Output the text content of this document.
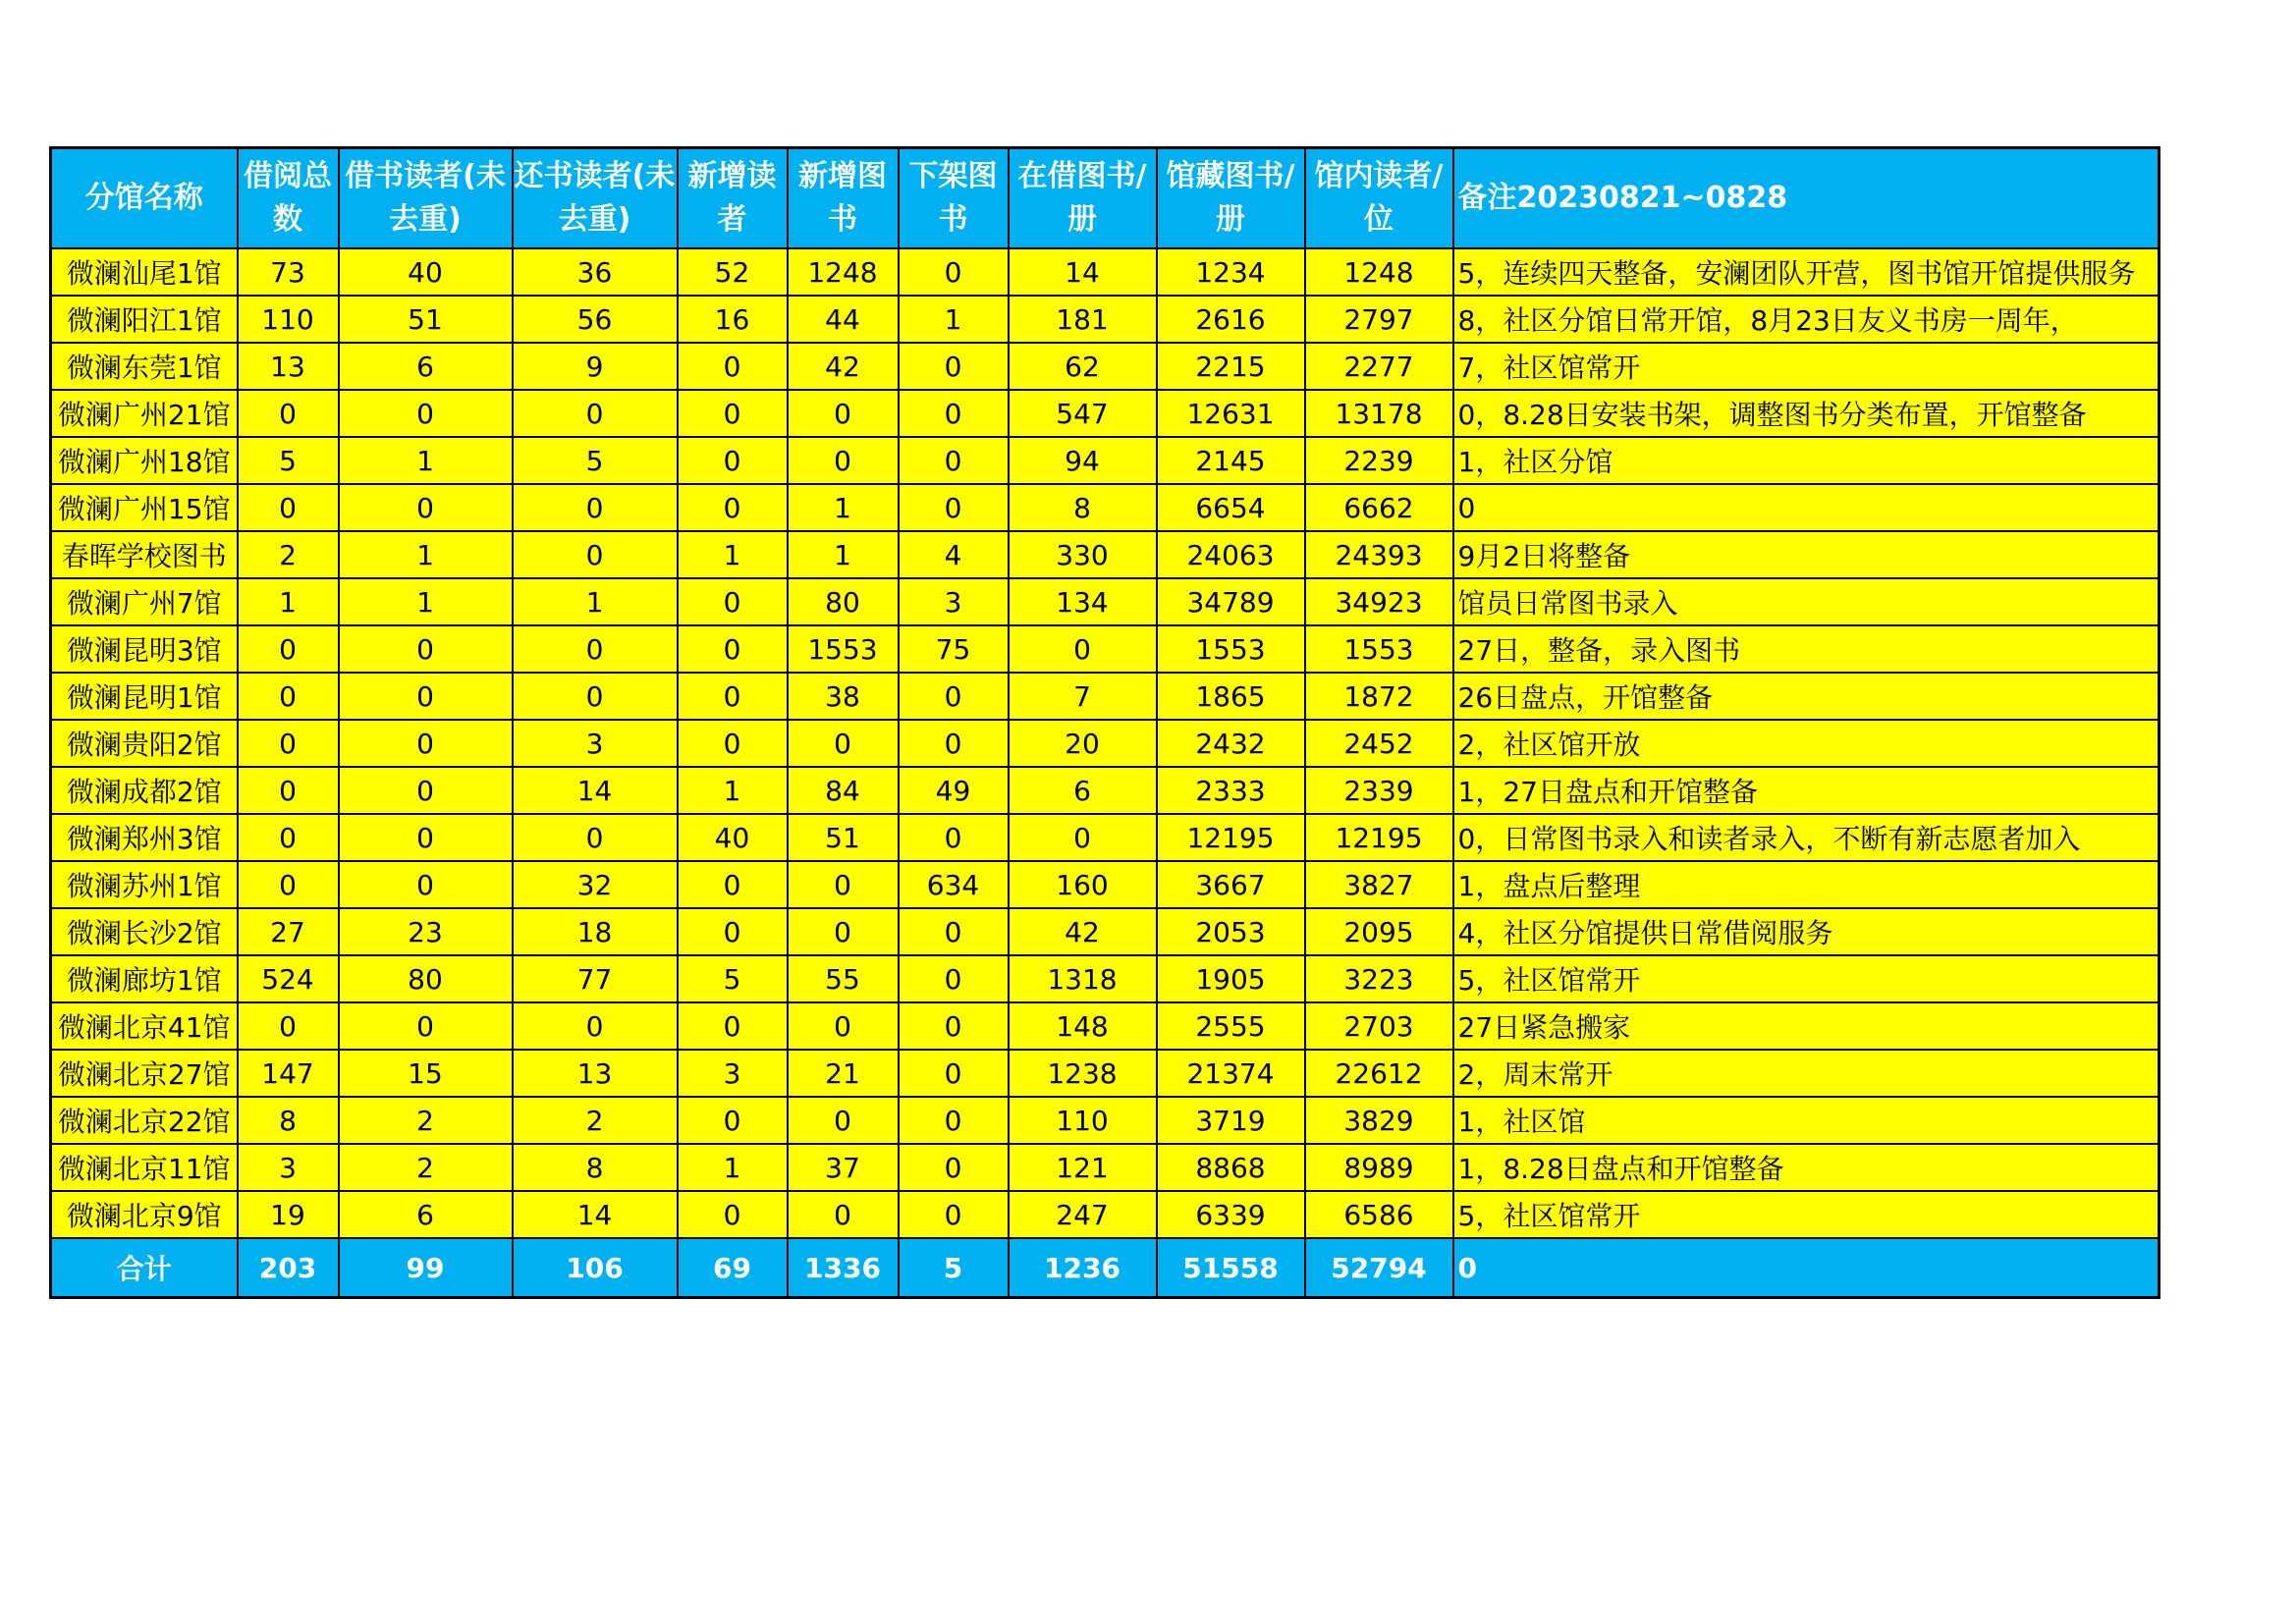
分馆名称	借阅总数	借书读者(未去重)	还书读者(未去重)	新增读者	新增图书	下架图书	在借图书/册	馆藏图书/册	馆内读者/位	备注20230821~0828
微澜汕尾1馆	73	40	36	52	1248	0	14	1234	1248	5，连续四天整备，安澜团队开营，图书馆开馆提供服务
微澜阳江1馆	110	51	56	16	44	1	181	2616	2797	8，社区分馆日常开馆，8月23日友义书房一周年，
微澜东莞1馆	13	6	9	0	42	0	62	2215	2277	7，社区馆常开
微澜广州21馆	0	0	0	0	0	0	547	12631	13178	0，8.28日安装书架，调整图书分类布置，开馆整备
微澜广州18馆	5	1	5	0	0	0	94	2145	2239	1，社区分馆
微澜广州15馆	0	0	0	0	1	0	8	6654	6662	0
春晖学校图书	2	1	0	1	1	4	330	24063	24393	9月2日将整备
微澜广州7馆	1	1	1	0	80	3	134	34789	34923	馆员日常图书录入
微澜昆明3馆	0	0	0	0	1553	75	0	1553	1553	27日，整备，录入图书
微澜昆明1馆	0	0	0	0	38	0	7	1865	1872	26日盘点，开馆整备
微澜贵阳2馆	0	0	3	0	0	0	20	2432	2452	2，社区馆开放
微澜成都2馆	0	0	14	1	84	49	6	2333	2339	1，27日盘点和开馆整备
微澜郑州3馆	0	0	0	40	51	0	0	12195	12195	0，日常图书录入和读者录入，不断有新志愿者加入
微澜苏州1馆	0	0	32	0	0	634	160	3667	3827	1，盘点后整理
微澜长沙2馆	27	23	18	0	0	0	42	2053	2095	4，社区分馆提供日常借阅服务
微澜廊坊1馆	524	80	77	5	55	0	1318	1905	3223	5，社区馆常开
微澜北京41馆	0	0	0	0	0	0	148	2555	2703	27日紧急搬家
微澜北京27馆	147	15	13	3	21	0	1238	21374	22612	2，周末常开
微澜北京22馆	8	2	2	0	0	0	110	3719	3829	1，社区馆
微澜北京11馆	3	2	8	1	37	0	121	8868	8989	1，8.28日盘点和开馆整备
微澜北京9馆	19	6	14	0	0	0	247	6339	6586	5，社区馆常开
合计	203	99	106	69	1336	5	1236	51558	52794	0
